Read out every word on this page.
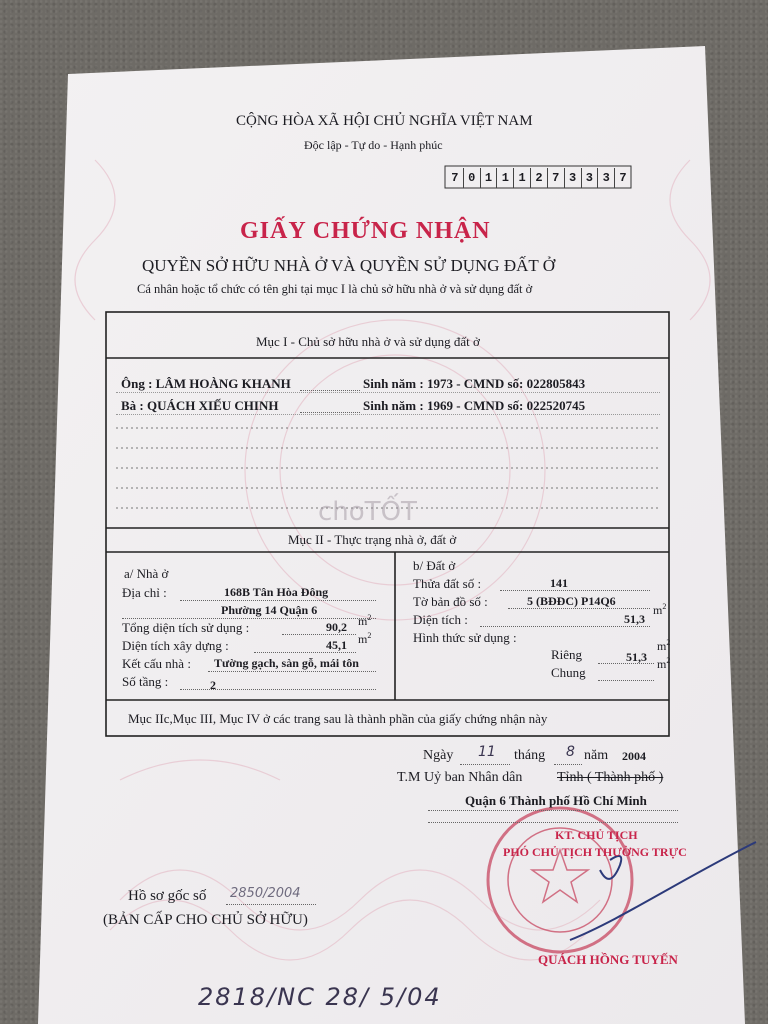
CỘNG HÒA XÃ HỘI CHỦ NGHĨA VIỆT NAM
Độc lập - Tự do - Hạnh phúc
7 0 1 1 1 2 7 3 3 3 7
GIẤY CHỨNG NHẬN
QUYỀN SỞ HỮU NHÀ Ở VÀ QUYỀN SỬ DỤNG ĐẤT Ở
Cá nhân hoặc tổ chức có tên ghi tại mục I là chủ sở hữu nhà ở và sử dụng đất ở
Mục I - Chủ sở hữu nhà ở và sử dụng đất ở
Ông : LÂM HOÀNG KHANH	Sinh năm : 1973 - CMND số: 022805843
Bà : QUÁCH XIẾU CHINH	Sinh năm : 1969 - CMND số: 022520745
choTỐT
Mục II - Thực trạng nhà ở, đất ở
a/ Nhà ở
Địa chỉ :	168B Tân Hòa Đông
Phường 14 Quận 6
Tổng diện tích sử dụng :	90,2 $m^2$
Diện tích xây dựng :	45,1 $m^2$
Kết cấu nhà : Tường gạch, sàn gỗ, mái tôn
Số tầng :	2
b/ Đất ở
Thửa đất số :	141
Tờ bản đồ số :	5 (BĐĐC) P14Q6
Diện tích :	51,3
$m^2$
Hình thức sử dụng :
Riêng	51,3
$m^2$
Chung
$m^2$
Mục IIc,Mục III, Mục IV ở các trang sau là thành phần của giấy chứng nhận này
Ngày 11 tháng 8 năm 2004
T.M Uỷ ban Nhân dân Tỉnh ( Thành phố )
Quận 6 Thành phố Hồ Chí Minh
KT. CHỦ TỊCH
PHÓ CHỦ TỊCH THƯỜNG TRỰC
QUÁCH HỒNG TUYẾN
Hồ sơ gốc số 2850/2004
(BẢN CẤP CHO CHỦ SỞ HỮU)
2818/NC 28/ 5/04
